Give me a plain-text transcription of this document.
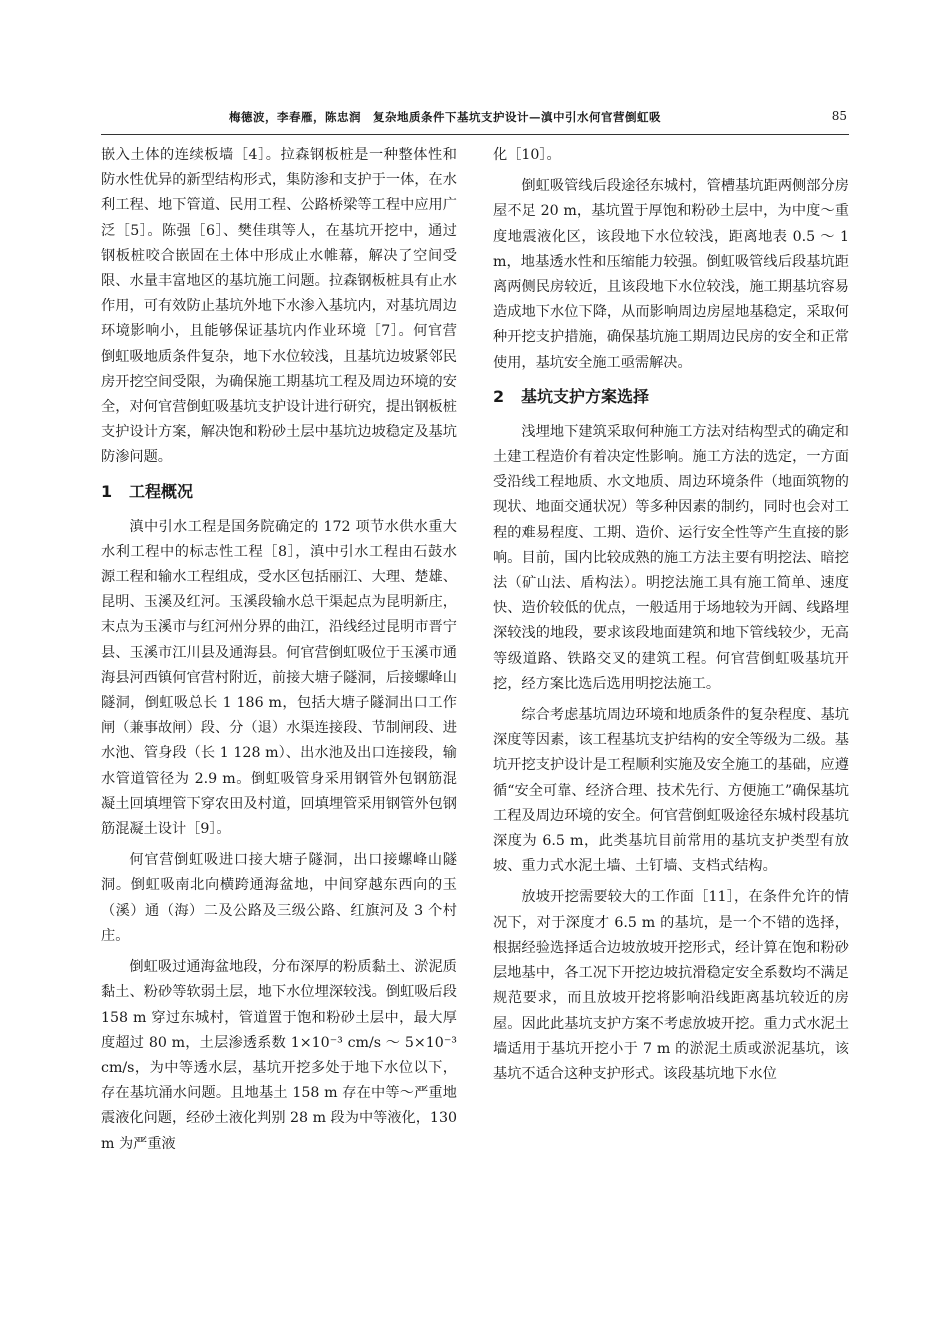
梅德波，李春雁，陈忠润　复杂地质条件下基坑支护设计—滇中引水何官营倒虹吸	85

嵌入土体的连续板墙［4］。拉森钢板桩是一种整体性和防水性优异的新型结构形式，集防渗和支护于一体，在水利工程、地下管道、民用工程、公路桥梁等工程中应用广泛［5］。陈强［6］、樊佳琪等人，在基坑开挖中，通过钢板桩咬合嵌固在土体中形成止水帷幕，解决了空间受限、水量丰富地区的基坑施工问题。拉森钢板桩具有止水作用，可有效防止基坑外地下水渗入基坑内，对基坑周边环境影响小，且能够保证基坑内作业环境［7］。何官营倒虹吸地质条件复杂，地下水位较浅，且基坑边坡紧邻民房开挖空间受限，为确保施工期基坑工程及周边环境的安全，对何官营倒虹吸基坑支护设计进行研究，提出钢板桩支护设计方案，解决饱和粉砂土层中基坑边坡稳定及基坑防渗问题。

1 工程概况

滇中引水工程是国务院确定的 172 项节水供水重大水利工程中的标志性工程［8］，滇中引水工程由石鼓水源工程和输水工程组成，受水区包括丽江、大理、楚雄、昆明、玉溪及红河。玉溪段输水总干渠起点为昆明新庄，末点为玉溪市与红河州分界的曲江，沿线经过昆明市晋宁县、玉溪市江川县及通海县。何官营倒虹吸位于玉溪市通海县河西镇何官营村附近，前接大塘子隧洞，后接螺峰山隧洞，倒虹吸总长 1 186 m，包括大塘子隧洞出口工作闸（兼事故闸）段、分（退）水渠连接段、节制闸段、进水池、管身段（长 1 128 m）、出水池及出口连接段，输水管道管径为 2.9 m。倒虹吸管身采用钢管外包钢筋混凝土回填埋管下穿农田及村道，回填埋管采用钢管外包钢筋混凝土设计［9］。

何官营倒虹吸进口接大塘子隧洞，出口接螺峰山隧洞。倒虹吸南北向横跨通海盆地，中间穿越东西向的玉（溪）通（海）二及公路及三级公路、红旗河及 3 个村庄。

倒虹吸过通海盆地段，分布深厚的粉质黏土、淤泥质黏土、粉砂等软弱土层，地下水位埋深较浅。倒虹吸后段 158 m 穿过东城村，管道置于饱和粉砂土层中，最大厚度超过 80 m，土层渗透系数 1×10⁻³ cm/s ～ 5×10⁻³ cm/s，为中等透水层，基坑开挖多处于地下水位以下，存在基坑涌水问题。且地基土 158 m 存在中等～严重地震液化问题，经砂土液化判别 28 m 段为中等液化，130 m 为严重液

化［10］。

倒虹吸管线后段途径东城村，管槽基坑距两侧部分房屋不足 20 m，基坑置于厚饱和粉砂土层中，为中度～重度地震液化区，该段地下水位较浅，距离地表 0.5 ～ 1 m，地基透水性和压缩能力较强。倒虹吸管线后段基坑距离两侧民房较近，且该段地下水位较浅，施工期基坑容易造成地下水位下降，从而影响周边房屋地基稳定，采取何种开挖支护措施，确保基坑施工期周边民房的安全和正常使用，基坑安全施工亟需解决。

2 基坑支护方案选择

浅埋地下建筑采取何种施工方法对结构型式的确定和土建工程造价有着决定性影响。施工方法的选定，一方面受沿线工程地质、水文地质、周边环境条件（地面筑物的现状、地面交通状况）等多种因素的制约，同时也会对工程的难易程度、工期、造价、运行安全性等产生直接的影响。目前，国内比较成熟的施工方法主要有明挖法、暗挖法（矿山法、盾构法）。明挖法施工具有施工简单、速度快、造价较低的优点，一般适用于场地较为开阔、线路埋深较浅的地段，要求该段地面建筑和地下管线较少，无高等级道路、铁路交叉的建筑工程。何官营倒虹吸基坑开挖，经方案比选后选用明挖法施工。

综合考虑基坑周边环境和地质条件的复杂程度、基坑深度等因素，该工程基坑支护结构的安全等级为二级。基坑开挖支护设计是工程顺利实施及安全施工的基础，应遵循“安全可靠、经济合理、技术先行、方便施工”确保基坑工程及周边环境的安全。何官营倒虹吸途径东城村段基坑深度为 6.5 m，此类基坑目前常用的基坑支护类型有放坡、重力式水泥土墙、土钉墙、支档式结构。

放坡开挖需要较大的工作面［11］，在条件允许的情况下，对于深度才 6.5 m 的基坑，是一个不错的选择，根据经验选择适合边坡放坡开挖形式，经计算在饱和粉砂层地基中，各工况下开挖边坡抗滑稳定安全系数均不满足规范要求，而且放坡开挖将影响沿线距离基坑较近的房屋。因此此基坑支护方案不考虑放坡开挖。重力式水泥土墙适用于基坑开挖小于 7 m 的淤泥土质或淤泥基坑，该基坑不适合这种支护形式。该段基坑地下水位
